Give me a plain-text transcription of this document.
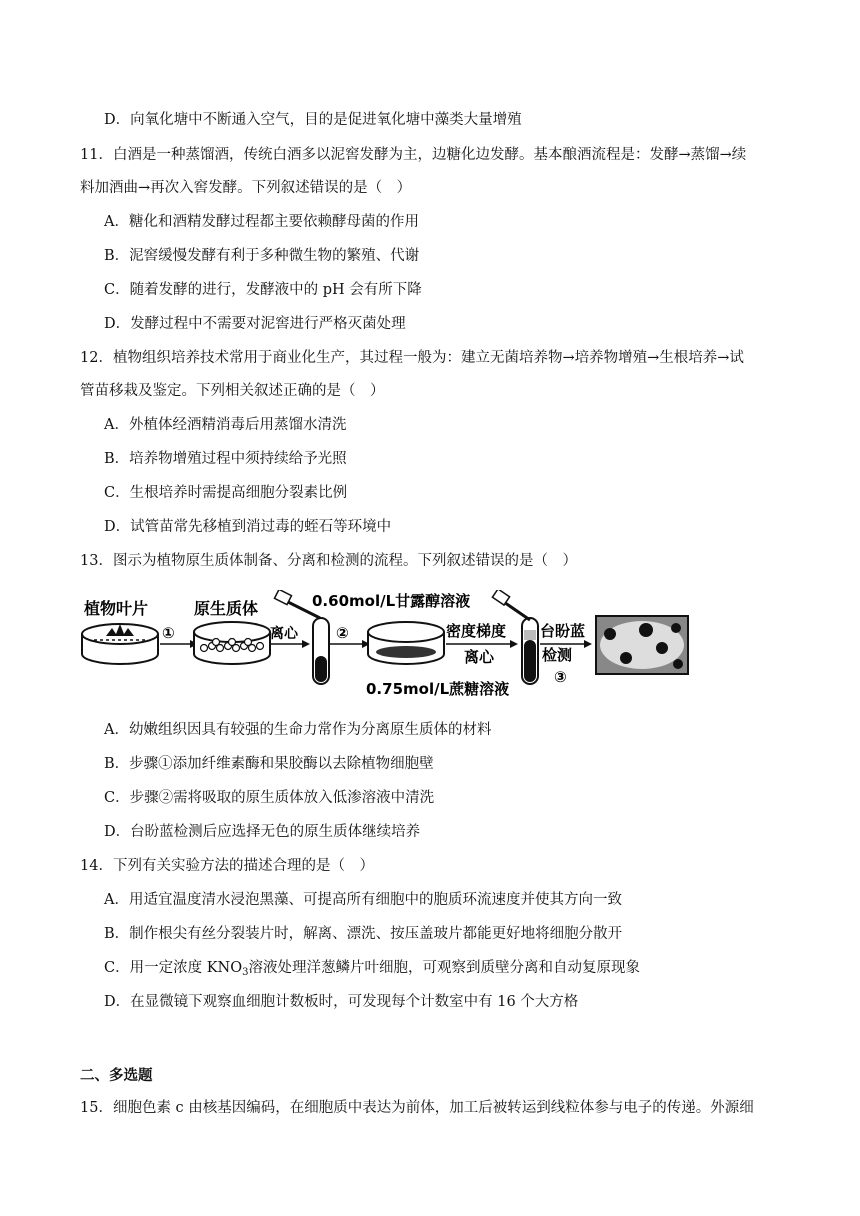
D．向氧化塘中不断通入空气，目的是促进氧化塘中藻类大量增殖
11．白酒是一种蒸馏酒，传统白酒多以泥窖发酵为主，边糖化边发酵。基本酿酒流程是：发酵→蒸馏→续
料加酒曲→再次入窖发酵。下列叙述错误的是（　）
A．糖化和酒精发酵过程都主要依赖酵母菌的作用
B．泥窖缓慢发酵有利于多种微生物的繁殖、代谢
C．随着发酵的进行，发酵液中的 pH 会有所下降
D．发酵过程中不需要对泥窖进行严格灭菌处理
12．植物组织培养技术常用于商业化生产，其过程一般为：建立无菌培养物→培养物增殖→生根培养→试
管苗移栽及鉴定。下列相关叙述正确的是（　）
A．外植体经酒精消毒后用蒸馏水清洗
B．培养物增殖过程中须持续给予光照
C．生根培养时需提高细胞分裂素比例
D．试管苗常先移植到消过毒的蛭石等环境中
13．图示为植物原生质体制备、分离和检测的流程。下列叙述错误的是（　）
植物叶片
①
原生质体
离心	②
0.60mol/L甘露醇溶液
密度梯度
离心
台盼蓝
检测
③
0.75mol/L蔗糖溶液
A．幼嫩组织因具有较强的生命力常作为分离原生质体的材料
B．步骤①添加纤维素酶和果胶酶以去除植物细胞壁
C．步骤②需将吸取的原生质体放入低渗溶液中清洗
D．台盼蓝检测后应选择无色的原生质体继续培养
14．下列有关实验方法的描述合理的是（　）
A．用适宜温度清水浸泡黑藻、可提高所有细胞中的胞质环流速度并使其方向一致
B．制作根尖有丝分裂装片时，解离、漂洗、按压盖玻片都能更好地将细胞分散开
C．用一定浓度 $KNO_3$溶液处理洋葱鳞片叶细胞，可观察到质壁分离和自动复原现象
D．在显微镜下观察血细胞计数板时，可发现每个计数室中有 16 个大方格
二、多选题
15．细胞色素 c 由核基因编码，在细胞质中表达为前体，加工后被转运到线粒体参与电子的传递。外源细
